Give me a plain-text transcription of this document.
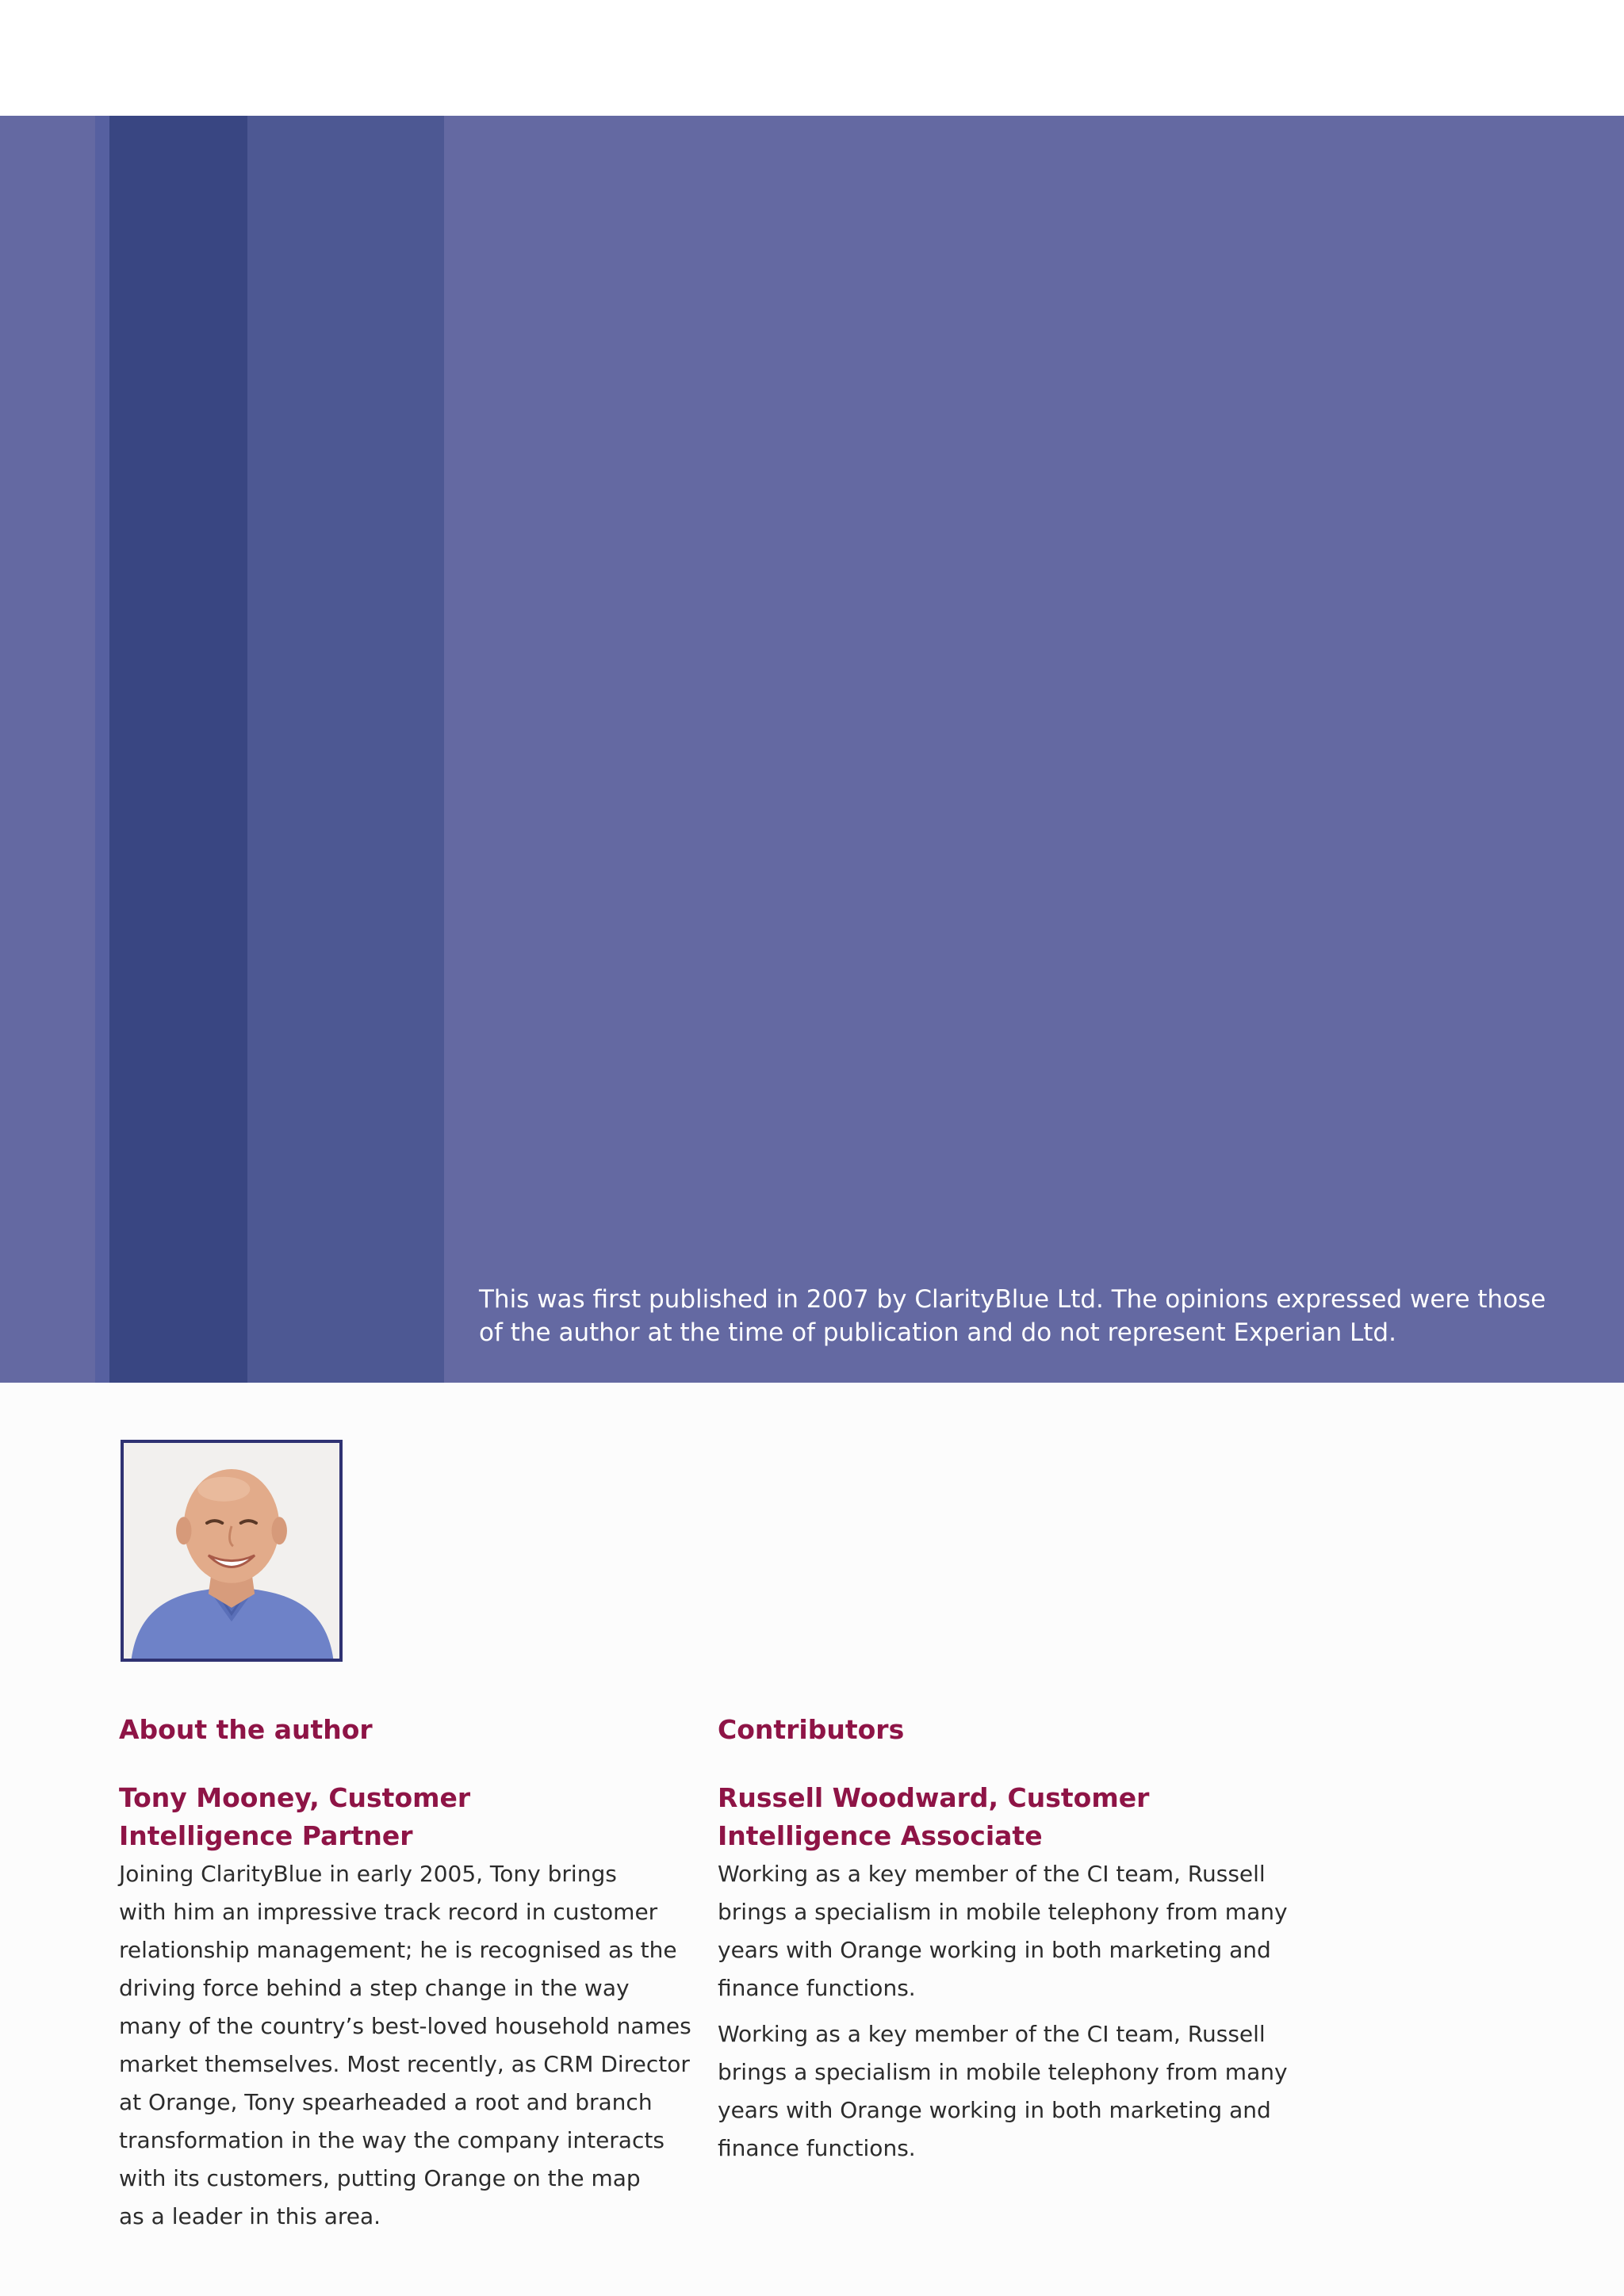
This was first published in 2007 by ClarityBlue Ltd. The opinions expressed were those
of the author at the time of publication and do not represent Experian Ltd.

About the author
Tony Mooney, Customer
Intelligence Partner

Joining ClarityBlue in early 2005, Tony brings
with him an impressive track record in customer
relationship management; he is recognised as the
driving force behind a step change in the way
many of the country’s best-loved household names
market themselves. Most recently, as CRM Director
at Orange, Tony spearheaded a root and branch
transformation in the way the company interacts
with its customers, putting Orange on the map
as a leader in this area.

Contributors
Russell Woodward, Customer
Intelligence Associate

Working as a key member of the CI team, Russell
brings a specialism in mobile telephony from many
years with Orange working in both marketing and
finance functions.

Working as a key member of the CI team, Russell
brings a specialism in mobile telephony from many
years with Orange working in both marketing and
finance functions.
